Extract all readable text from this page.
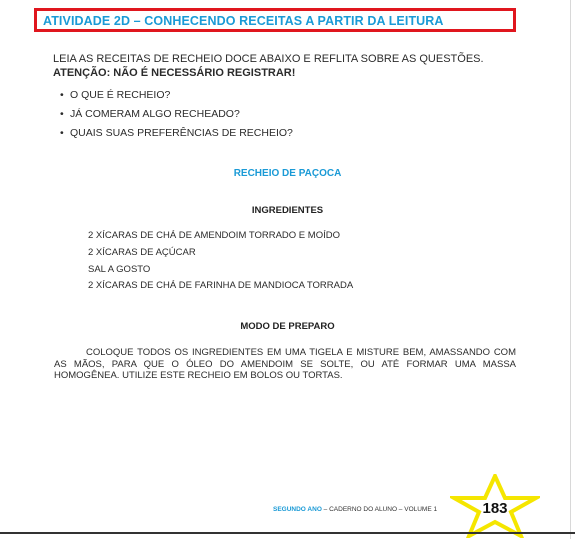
ATIVIDADE 2D – CONHECENDO RECEITAS A PARTIR DA LEITURA
LEIA AS RECEITAS DE RECHEIO DOCE ABAIXO E REFLITA SOBRE AS QUESTÕES.
ATENÇÃO: NÃO É NECESSÁRIO REGISTRAR!
• O QUE É RECHEIO?
• JÁ COMERAM ALGO RECHEADO?
• QUAIS SUAS PREFERÊNCIAS DE RECHEIO?
RECHEIO DE PAÇOCA
INGREDIENTES
2 XÍCARAS DE CHÁ DE AMENDOIM TORRADO E MOÍDO
2 XÍCARAS DE AÇÚCAR
SAL A GOSTO
2 XÍCARAS DE CHÁ DE FARINHA DE MANDIOCA TORRADA
MODO DE PREPARO

COLOQUE TODOS OS INGREDIENTES EM UMA TIGELA E MISTURE BEM, AMASSANDO COM AS MÃOS, PARA QUE O ÓLEO DO AMENDOIM SE SOLTE, OU ATÉ FORMAR UMA MASSA HOMOGÊNEA. UTILIZE ESTE RECHEIO EM BOLOS OU TORTAS.

SEGUNDO ANO – CADERNO DO ALUNO – VOLUME 1	183
